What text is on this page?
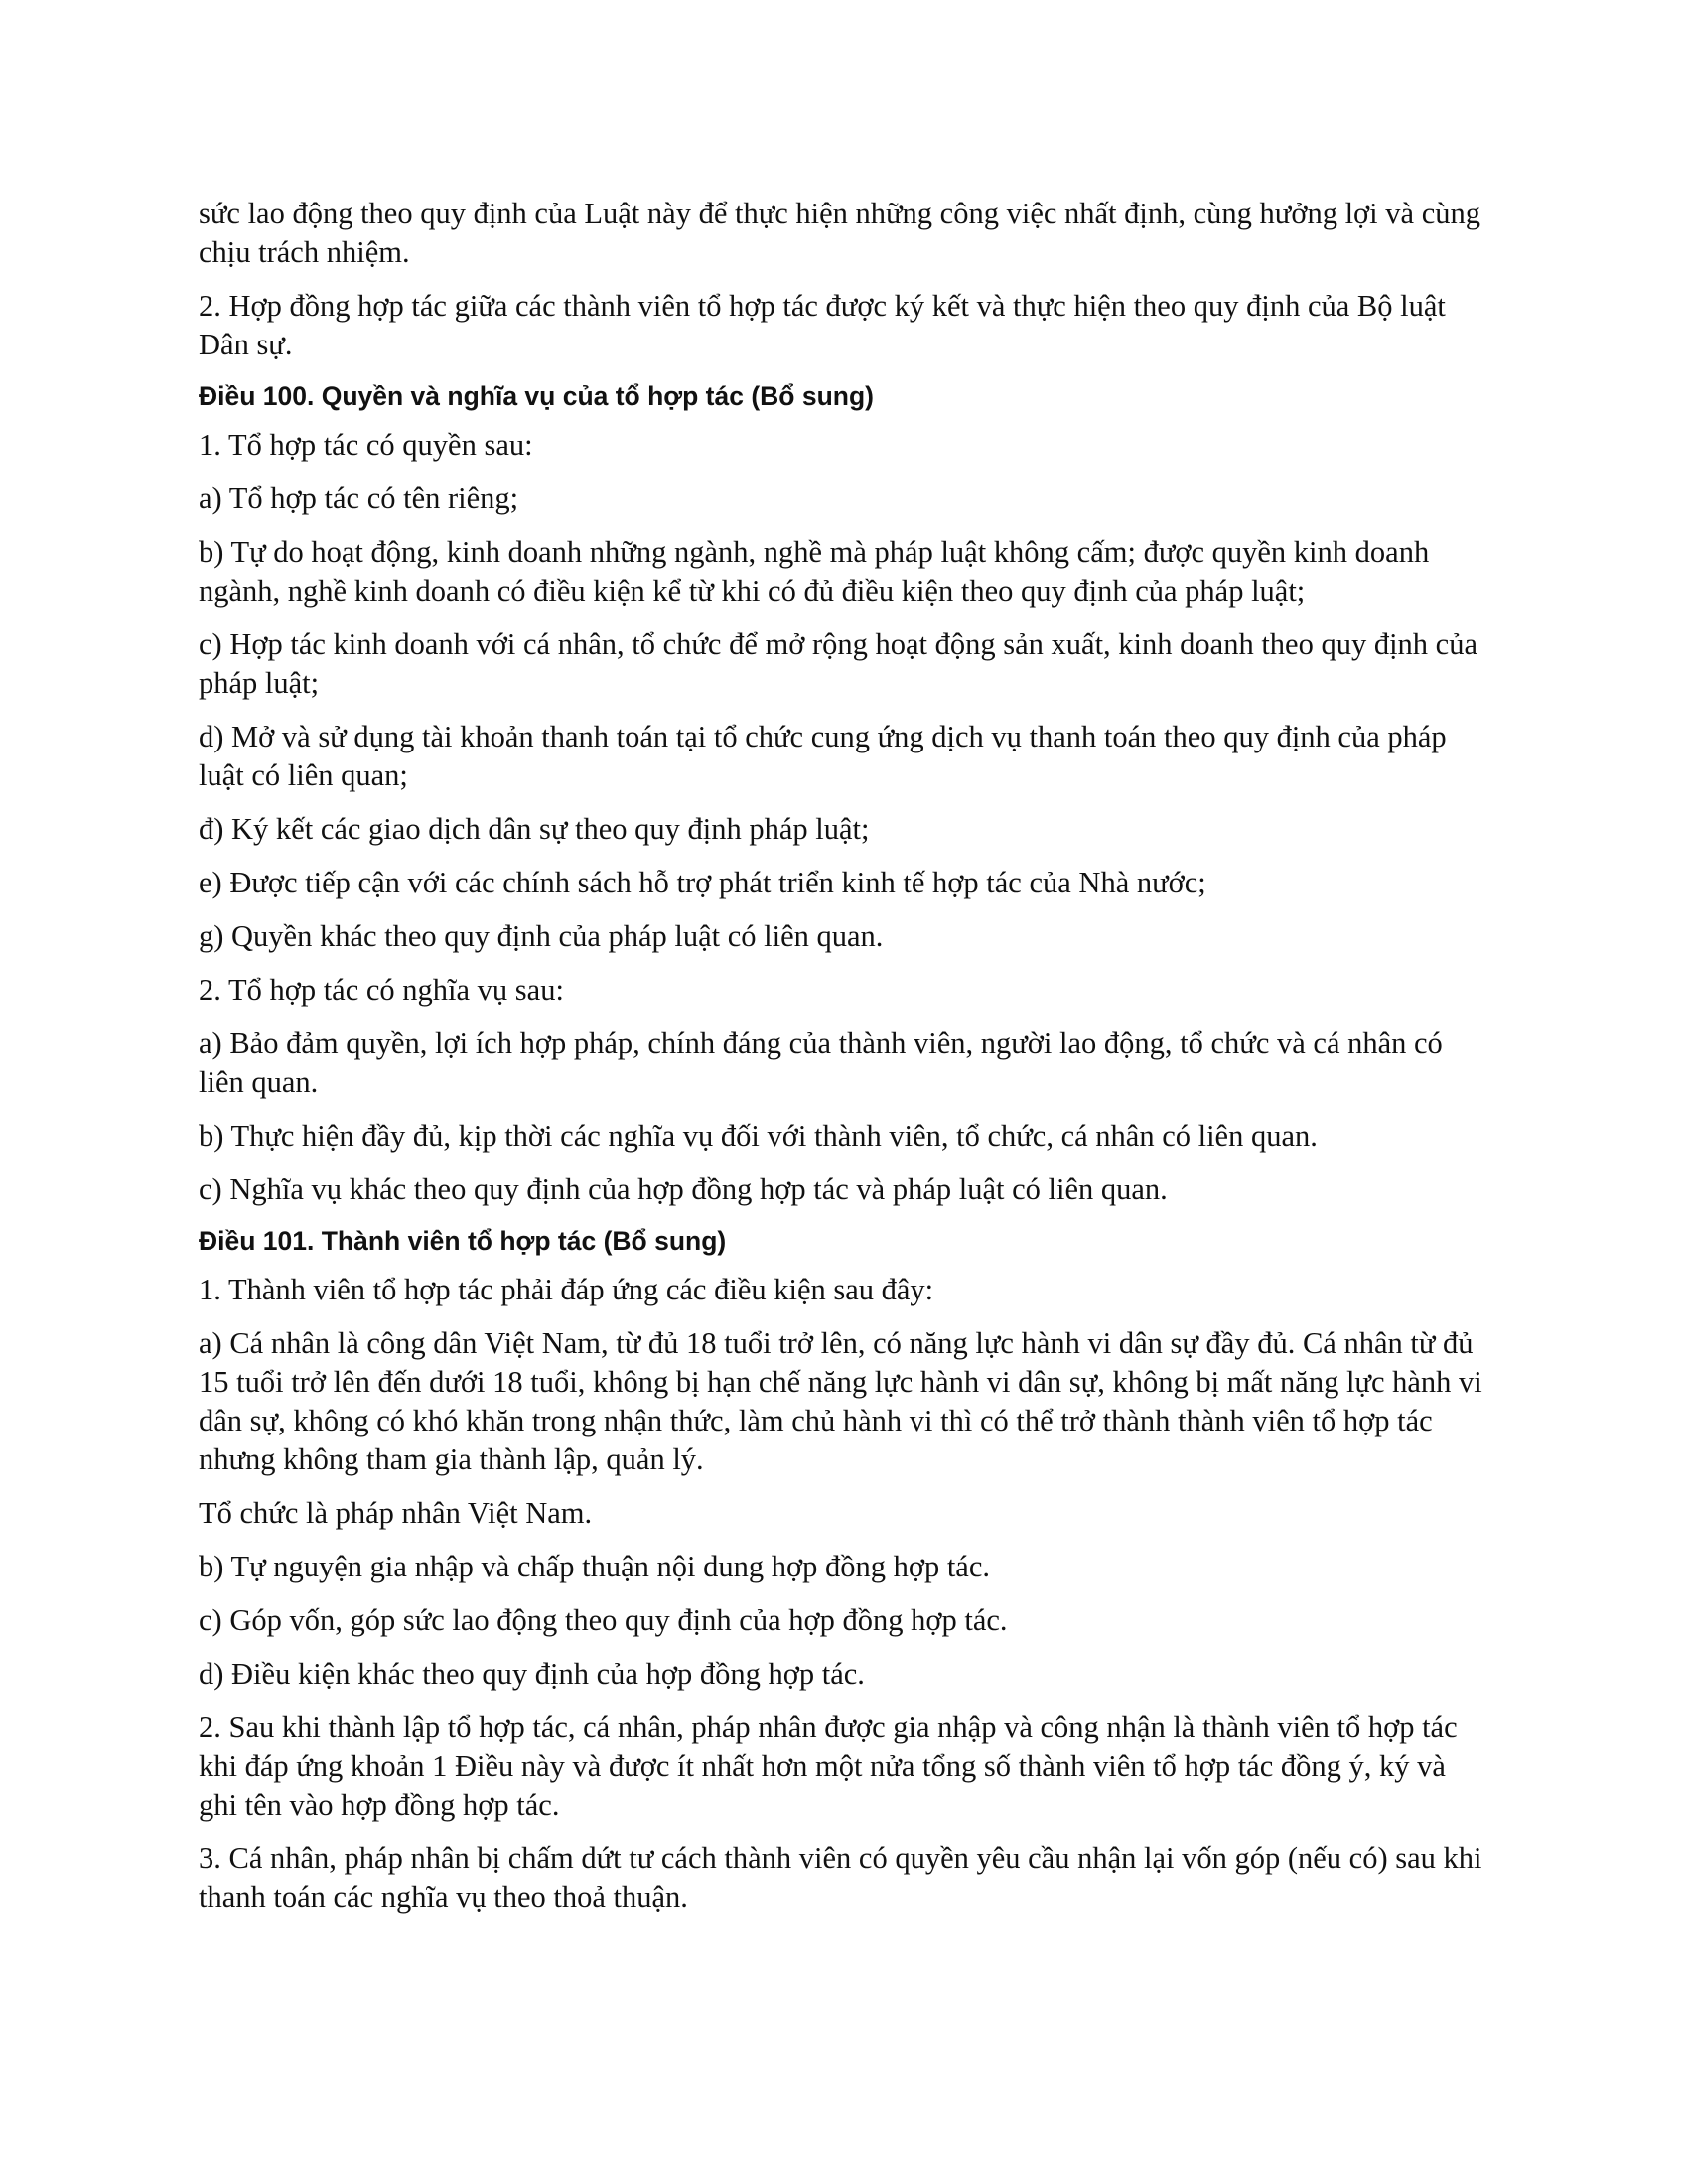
sức lao động theo quy định của Luật này để thực hiện những công việc nhất định, cùng hưởng lợi và cùng chịu trách nhiệm.

2. Hợp đồng hợp tác giữa các thành viên tổ hợp tác được ký kết và thực hiện theo quy định của Bộ luật Dân sự.

Điều 100. Quyền và nghĩa vụ của tổ hợp tác (Bổ sung)

1. Tổ hợp tác có quyền sau:

a) Tổ hợp tác có tên riêng;

b) Tự do hoạt động, kinh doanh những ngành, nghề mà pháp luật không cấm; được quyền kinh doanh ngành, nghề kinh doanh có điều kiện kể từ khi có đủ điều kiện theo quy định của pháp luật;

c) Hợp tác kinh doanh với cá nhân, tổ chức để mở rộng hoạt động sản xuất, kinh doanh theo quy định của pháp luật;

d) Mở và sử dụng tài khoản thanh toán tại tổ chức cung ứng dịch vụ thanh toán theo quy định của pháp luật có liên quan;

đ) Ký kết các giao dịch dân sự theo quy định pháp luật;

e) Được tiếp cận với các chính sách hỗ trợ phát triển kinh tế hợp tác của Nhà nước;

g) Quyền khác theo quy định của pháp luật có liên quan.

2. Tổ hợp tác có nghĩa vụ sau:

a) Bảo đảm quyền, lợi ích hợp pháp, chính đáng của thành viên, người lao động, tổ chức và cá nhân có liên quan.

b) Thực hiện đầy đủ, kịp thời các nghĩa vụ đối với thành viên, tổ chức, cá nhân có liên quan.

c) Nghĩa vụ khác theo quy định của hợp đồng hợp tác và pháp luật có liên quan.

Điều 101. Thành viên tổ hợp tác (Bổ sung)

1. Thành viên tổ hợp tác phải đáp ứng các điều kiện sau đây:

a) Cá nhân là công dân Việt Nam, từ đủ 18 tuổi trở lên, có năng lực hành vi dân sự đầy đủ. Cá nhân từ đủ 15 tuổi trở lên đến dưới 18 tuổi, không bị hạn chế năng lực hành vi dân sự, không bị mất năng lực hành vi dân sự, không có khó khăn trong nhận thức, làm chủ hành vi thì có thể trở thành thành viên tổ hợp tác nhưng không tham gia thành lập, quản lý.

Tổ chức là pháp nhân Việt Nam.

b) Tự nguyện gia nhập và chấp thuận nội dung hợp đồng hợp tác.

c) Góp vốn, góp sức lao động theo quy định của hợp đồng hợp tác.

d) Điều kiện khác theo quy định của hợp đồng hợp tác.

2. Sau khi thành lập tổ hợp tác, cá nhân, pháp nhân được gia nhập và công nhận là thành viên tổ hợp tác khi đáp ứng khoản 1 Điều này và được ít nhất hơn một nửa tổng số thành viên tổ hợp tác đồng ý, ký và ghi tên vào hợp đồng hợp tác.

3. Cá nhân, pháp nhân bị chấm dứt tư cách thành viên có quyền yêu cầu nhận lại vốn góp (nếu có) sau khi thanh toán các nghĩa vụ theo thoả thuận.
